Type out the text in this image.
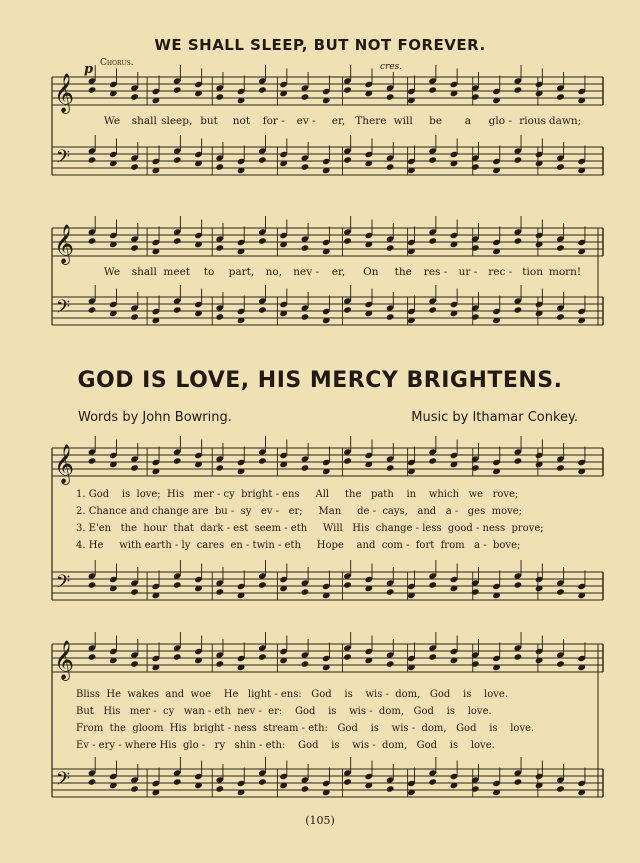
𝄞
𝄢
𝄞
𝄢
𝄞
𝄢
𝄞
𝄢
WE SHALL SLEEP, BUT NOT FOREVER.
Chorus.
p	cres.
We shall sleep, but not for - ev - er, There will be a glo - rious dawn;
We shall meet to part, no, nev - er, On the res - ur - rec - tion morn!
GOD IS LOVE, HIS MERCY BRIGHTENS.
Words by John Bowring.	Music by Ithamar Conkey.
1. God    is  love;  His   mer - cy  bright - ens     All     the   path    in    which   we   rove;
2. Chance and change are  bu -  sy   ev -   er;     Man     de -  cays,   and   a -   ges  move;
3. E'en   the  hour  that  dark - est  seem - eth     Will   His  change - less  good - ness  prove;
4. He     with earth - ly  cares  en - twin - eth     Hope    and  com -  fort  from   a -  bove;
Bliss  He  wakes  and  woe    He   light - ens:   God    is    wis -  dom,   God    is    love.
But   His   mer -  cy   wan - eth  nev -  er:    God    is    wis -  dom,   God    is    love.
From  the  gloom  His  bright - ness  stream - eth:   God    is    wis -  dom,   God    is    love.
Ev - ery - where His  glo -   ry   shin - eth:    God    is    wis -  dom,   God    is    love.
(105)
